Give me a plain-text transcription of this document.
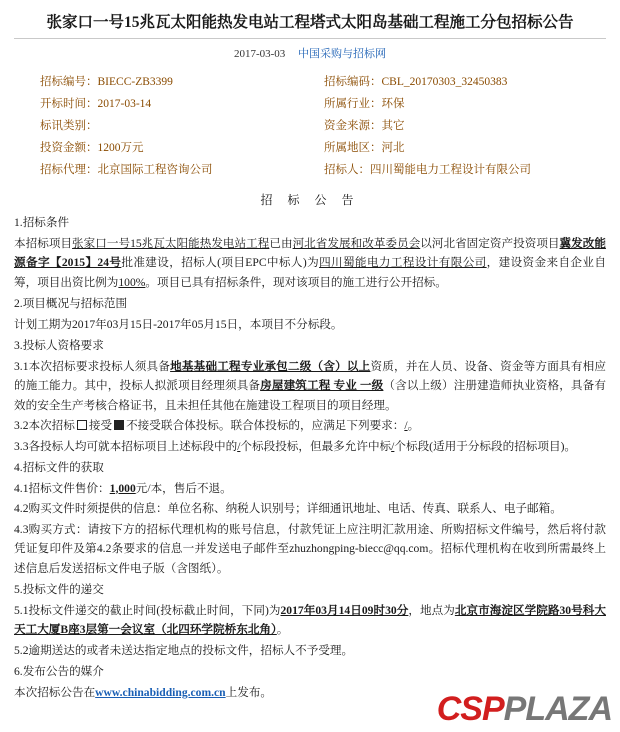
张家口一号15兆瓦太阳能热发电站工程塔式太阳岛基础工程施工分包招标公告
2017-03-03 中国采购与招标网
招标编号：BIECC-ZB3399	招标编码：CBL_20170303_32450383
开标时间：2017-03-14	所属行业：环保
标讯类别：	资金来源：其它
投资金额：1200万元	所属地区：河北
招标代理：北京国际工程咨询公司	招标人：四川蜀能电力工程设计有限公司
招 标 公 告
1.招标条件
本招标项目张家口一号15兆瓦太阳能热发电站工程已由河北省发展和改革委员会以河北省固定资产投资项目冀发改能源备字【2015】24号批准建设，招标人(项目EPC中标人)为四川蜀能电力工程设计有限公司，建设资金来自企业自筹，项目出资比例为100%。项目已具有招标条件，现对该项目的施工进行公开招标。
2.项目概况与招标范围
计划工期为2017年03月15日-2017年05月15日，本项目不分标段。
3.投标人资格要求
3.1本次招标要求投标人须具备地基基础工程专业承包二级（含）以上资质，并在人员、设备、资金等方面具有相应的施工能力。其中，投标人拟派项目经理须具备房屋建筑工程 专业 一级（含以上级）注册建造师执业资格，具备有效的安全生产考核合格证书，且未担任其他在施建设工程项目的项目经理。
3.2本次招标 接受 不接受联合体投标。联合体投标的，应满足下列要求：/。
3.3各投标人均可就本招标项目上述标段中的/个标段投标，但最多允许中标/个标段(适用于分标段的招标项目)。
4.招标文件的获取
4.1招标文件售价：1,000元/本，售后不退。
4.2购买文件时须提供的信息：单位名称、纳税人识别号；详细通讯地址、电话、传真、联系人、电子邮箱。
4.3购买方式：请按下方的招标代理机构的账号信息，付款凭证上应注明汇款用途、所购招标文件编号，然后将付款凭证复印件及第4.2条要求的信息一并发送电子邮件至zhuzhongping-biecc@qq.com。招标代理机构在收到所需最终上述信息后发送招标文件电子版（含图纸）。
5.投标文件的递交
5.1投标文件递交的截止时间(投标截止时间，下同)为2017年03月14日09时30分，地点为北京市海淀区学院路30号科大天工大厦B座3层第一会议室（北四环学院桥东北角）。
5.2逾期送达的或者未送达指定地点的投标文件，招标人不予受理。
6.发布公告的媒介
本次招标公告在www.chinabidding.com.cn上发布。	CSPPLAZA
